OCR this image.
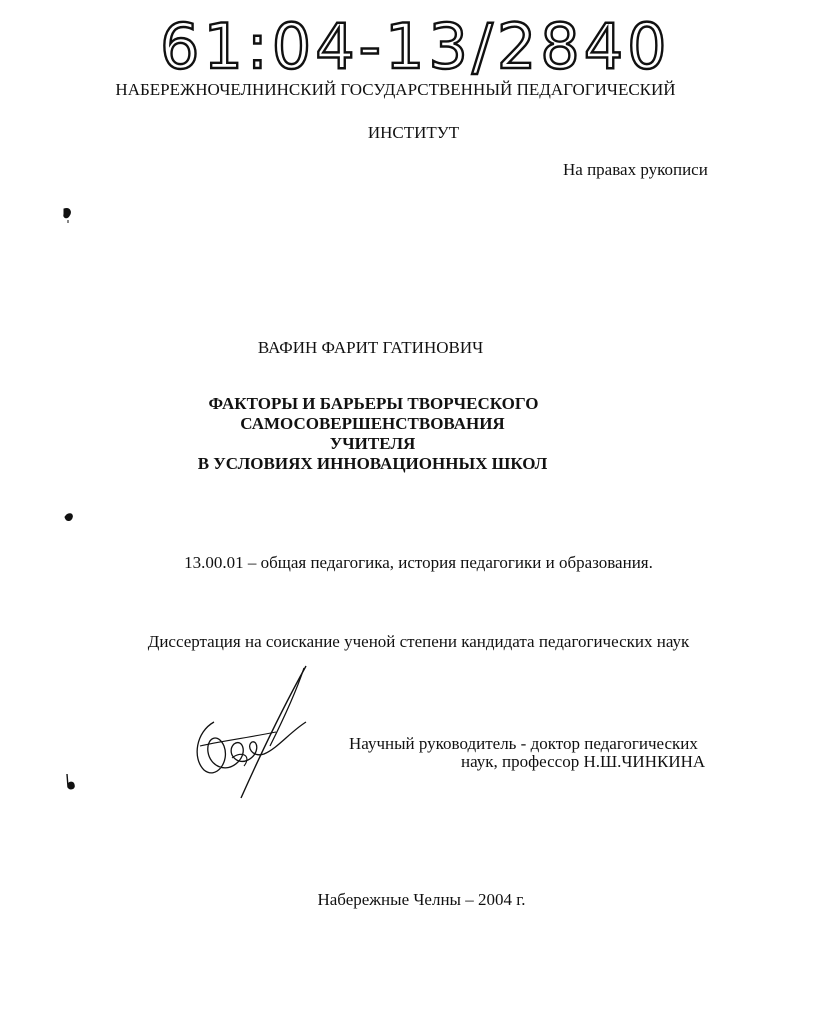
61:04-13/2840
НАБЕРЕЖНОЧЕЛНИНСКИЙ ГОСУДАРСТВЕННЫЙ ПЕДАГОГИЧЕСКИЙ
ИНСТИТУТ
На правах рукописи
ВАФИН ФАРИТ ГАТИНОВИЧ
ФАКТОРЫ И БАРЬЕРЫ ТВОРЧЕСКОГО
САМОСОВЕРШЕНСТВОВАНИЯ
УЧИТЕЛЯ
В УСЛОВИЯХ ИННОВАЦИОННЫХ ШКОЛ
13.00.01 – общая педагогика, история педагогики и образования.
Диссертация на соискание ученой степени кандидата педагогических наук
Научный руководитель - доктор педагогических
наук, профессор Н.Ш.ЧИНКИНА
Набережные Челны – 2004 г.
